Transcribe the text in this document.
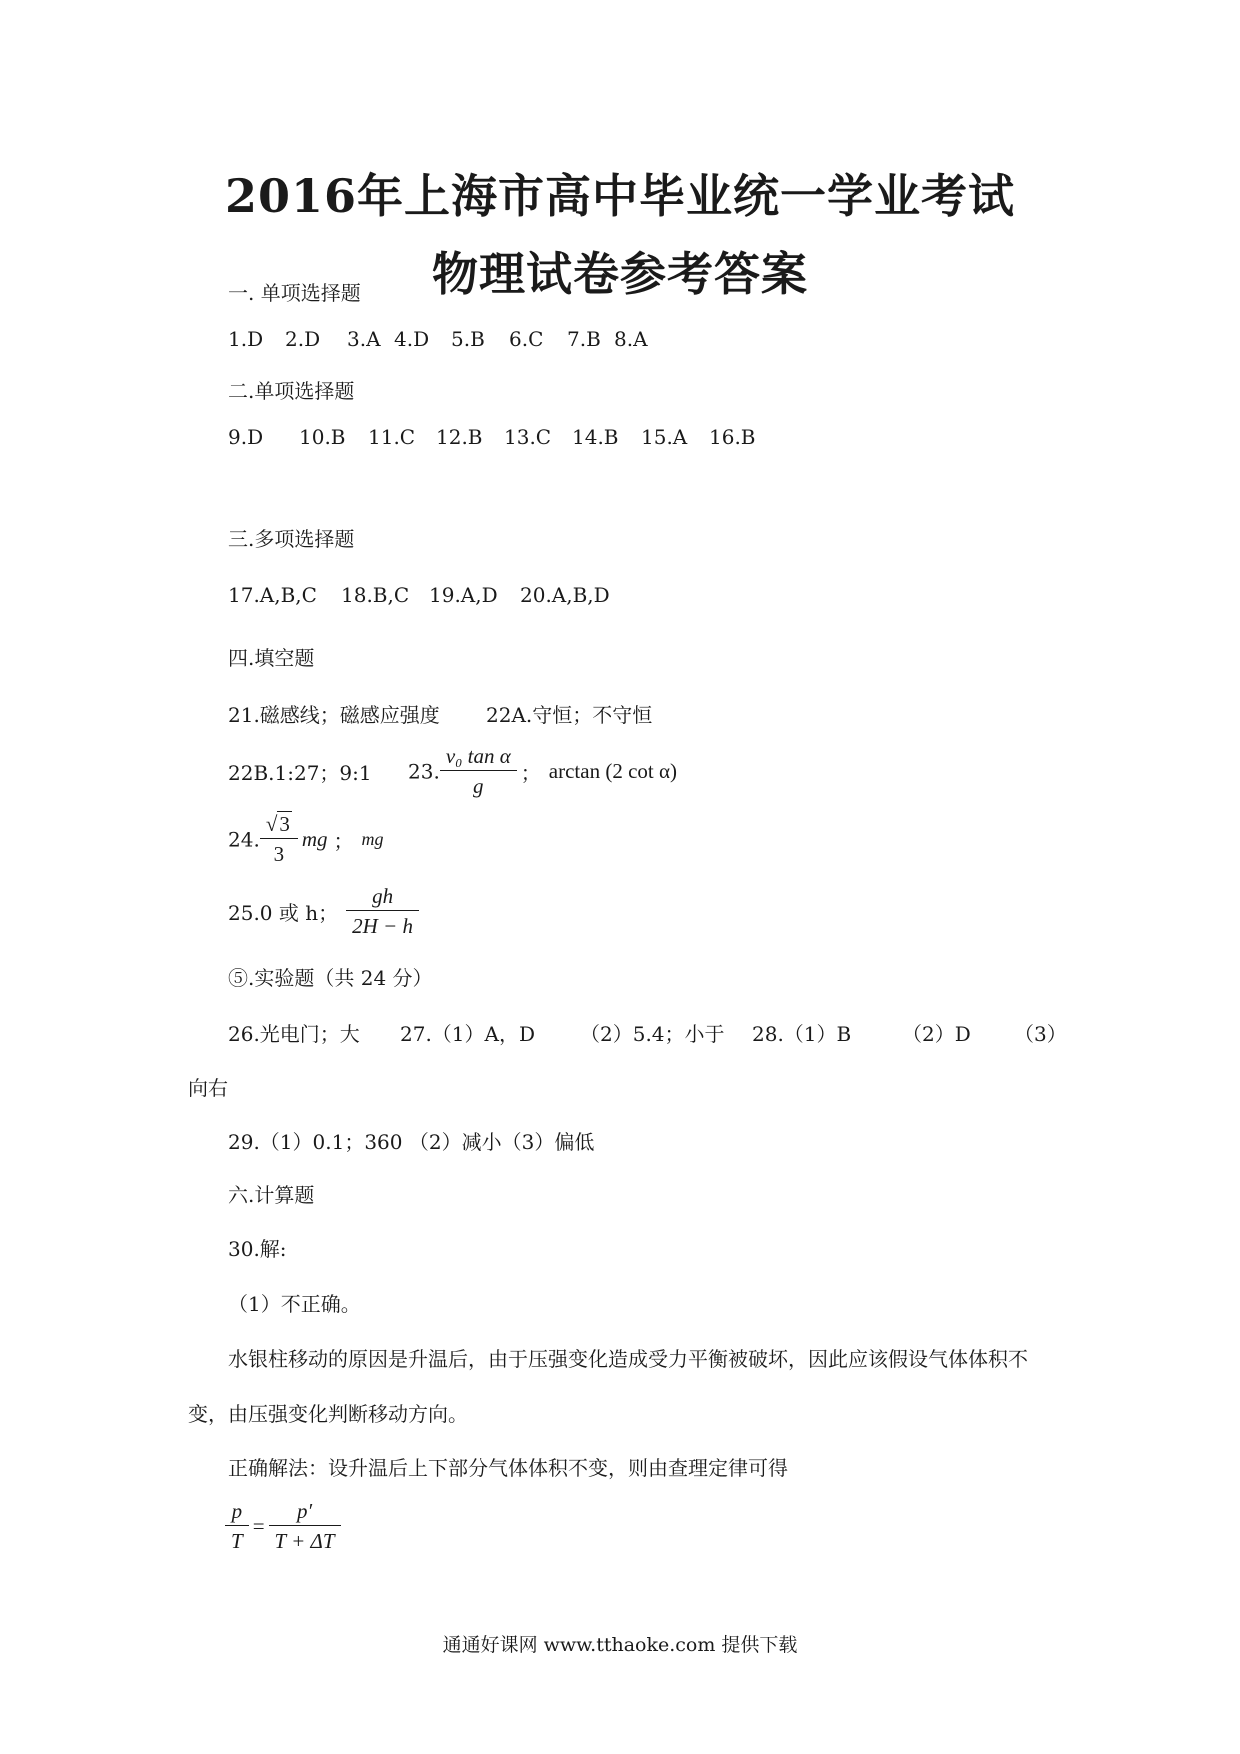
2016年上海市高中毕业统一学业考试
物理试卷参考答案
一. 单项选择题
1.D 2.D 3.A 4.D 5.B 6.C 7.B 8.A
二.单项选择题
9.D 10.B 11.C 12.B 13.C 14.B 15.A 16.B
三.多项选择题
17.A,B,C 18.B,C 19.A,D 20.A,B,D
四.填空题
21.磁感线；磁感应强度 22A.守恒；不守恒
22B.1:27；9:1 23. $\frac{\text{v₀ tan α}}{g}$ ； arctan (2 cot α)
24. $\frac{√3}{3}$ mg ； mg
25.0 或 h； $\frac{gh}{2H - h}$
⑤.实验题（共 24 分）
26.光电门；大 27.（1）A，D （2）5.4；小于 28.（1）B	（2）D （3）
向右
29.（1）0.1；360 （2）减小（3）偏低
六.计算题
30.解:
（1）不正确。
水银柱移动的原因是升温后，由于压强变化造成受力平衡被破坏，因此应该假设气体体积不
变，由压强变化判断移动方向。
正确解法：设升温后上下部分气体体积不变，则由查理定律可得
$\frac{p}{T} = \frac{p'}{T + \Delta T}$
通通好课网 www.tthaoke.com 提供下载
